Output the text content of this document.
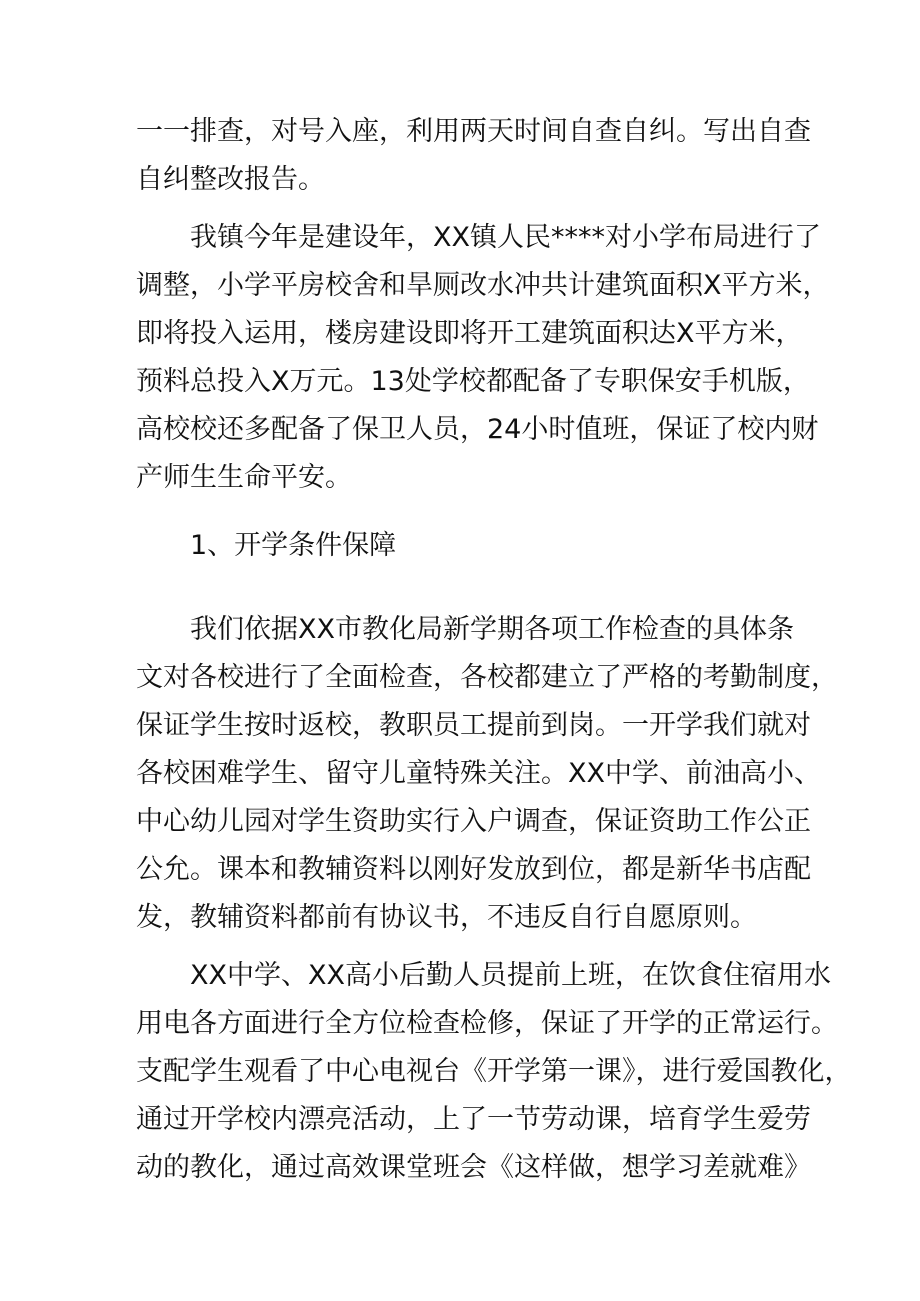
一一排查，对号入座，利用两天时间自查自纠。写出自查
自纠整改报告。
我镇今年是建设年，XX镇人民****对小学布局进行了
调整，小学平房校舍和旱厕改水冲共计建筑面积X平方米，
即将投入运用，楼房建设即将开工建筑面积达X平方米，
预料总投入X万元。13处学校都配备了专职保安手机版，
高校校还多配备了保卫人员，24小时值班，保证了校内财
产师生生命平安。
1、开学条件保障
我们依据XX市教化局新学期各项工作检查的具体条
文对各校进行了全面检查，各校都建立了严格的考勤制度，
保证学生按时返校，教职员工提前到岗。一开学我们就对
各校困难学生、留守儿童特殊关注。XX中学、前油高小、
中心幼儿园对学生资助实行入户调查，保证资助工作公正
公允。课本和教辅资料以刚好发放到位，都是新华书店配
发，教辅资料都前有协议书，不违反自行自愿原则。
XX中学、XX高小后勤人员提前上班，在饮食住宿用水
用电各方面进行全方位检查检修，保证了开学的正常运行。
支配学生观看了中心电视台《开学第一课》，进行爱国教化，
通过开学校内漂亮活动，上了一节劳动课，培育学生爱劳
动的教化，通过高效课堂班会《这样做，想学习差就难》
